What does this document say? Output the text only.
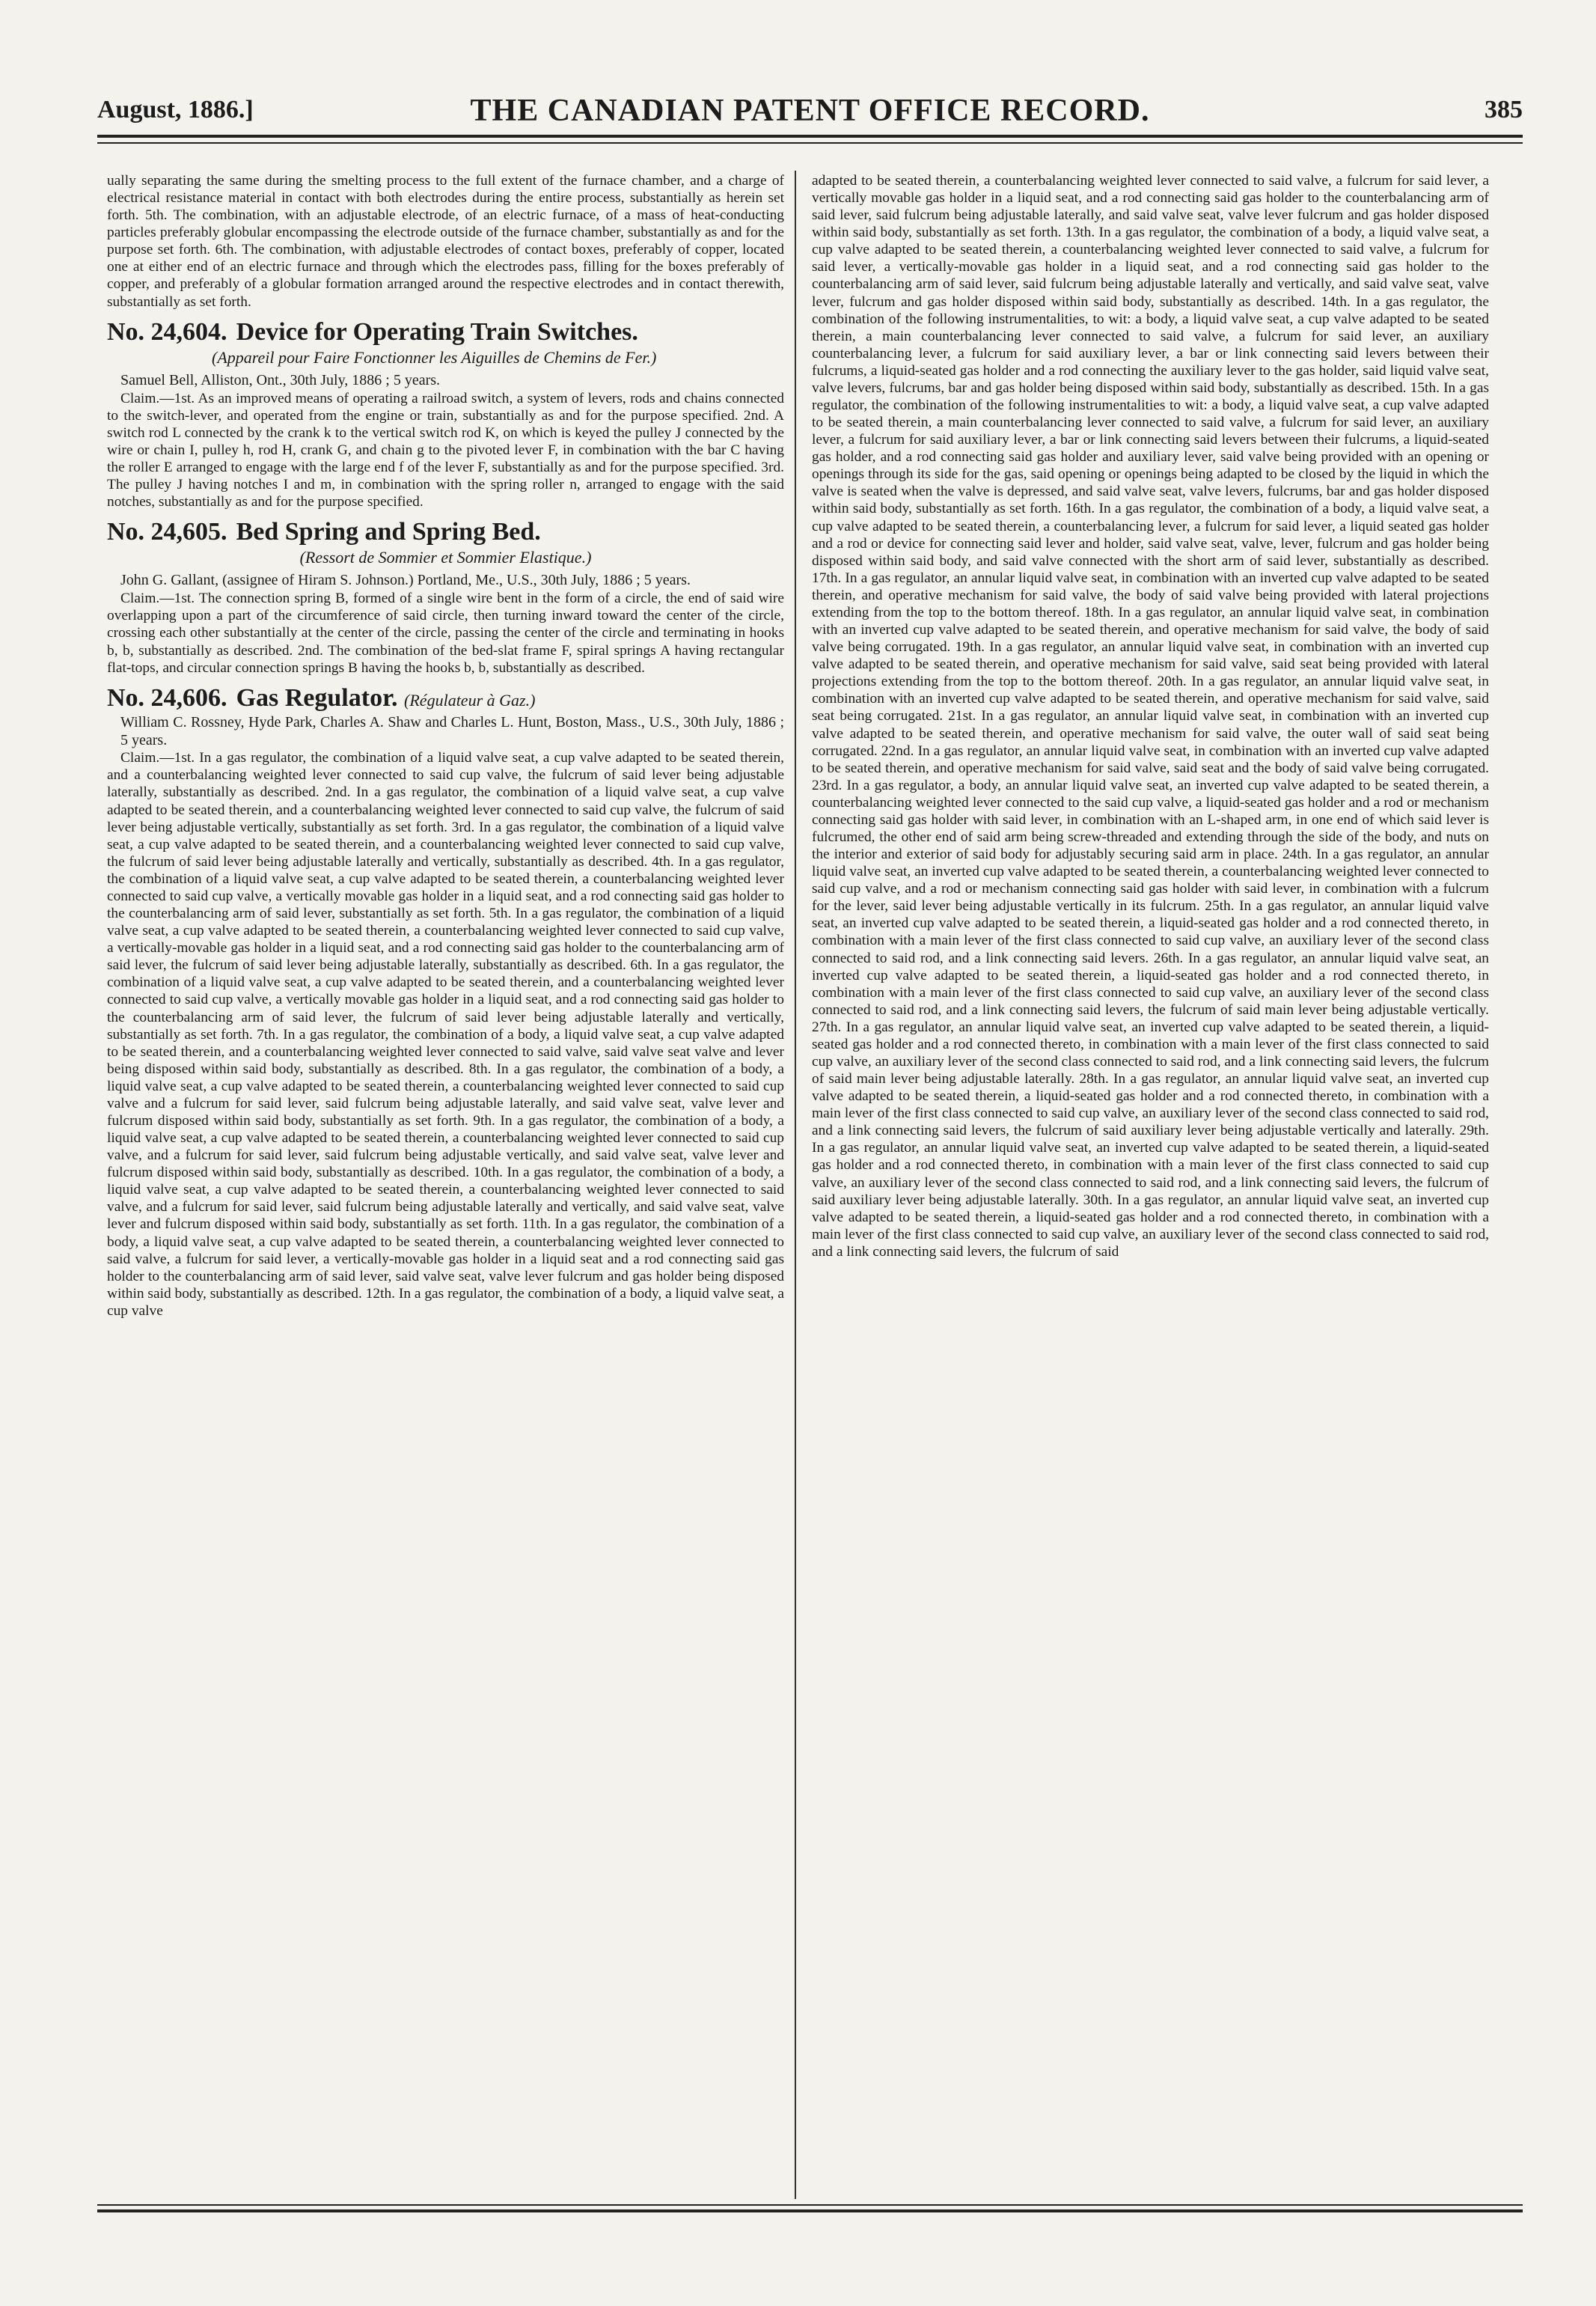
August, 1886.]	THE CANADIAN PATENT OFFICE RECORD.	385

ually separating the same during the smelting process to the full extent of the furnace chamber, and a charge of electrical resistance material in contact with both electrodes during the entire process, substantially as herein set forth. 5th. The combination, with an adjustable electrode, of an electric furnace, of a mass of heat-conducting particles preferably globular encompassing the electrode outside of the furnace chamber, substantially as and for the purpose set forth. 6th. The combination, with adjustable electrodes of contact boxes, preferably of copper, located one at either end of an electric furnace and through which the electrodes pass, filling for the boxes preferably of copper, and preferably of a globular formation arranged around the respective electrodes and in contact therewith, substantially as set forth.

No. 24,604. Device for Operating Train Switches.
(Appareil pour Faire Fonctionner les Aiguilles de Chemins de Fer.)

Samuel Bell, Alliston, Ont., 30th July, 1886 ; 5 years.

Claim.—1st. As an improved means of operating a railroad switch, a system of levers, rods and chains connected to the switch-lever, and operated from the engine or train, substantially as and for the purpose specified. 2nd. A switch rod L connected by the crank k to the vertical switch rod K, on which is keyed the pulley J connected by the wire or chain I, pulley h, rod H, crank G, and chain g to the pivoted lever F, in combination with the bar C having the roller E arranged to engage with the large end f of the lever F, substantially as and for the purpose specified. 3rd. The pulley J having notches I and m, in combination with the spring roller n, arranged to engage with the said notches, substantially as and for the purpose specified.

No. 24,605. Bed Spring and Spring Bed.
(Ressort de Sommier et Sommier Elastique.)

John G. Gallant, (assignee of Hiram S. Johnson.) Portland, Me., U.S., 30th July, 1886 ; 5 years.

Claim.—1st. The connection spring B, formed of a single wire bent in the form of a circle, the end of said wire overlapping upon a part of the circumference of said circle, then turning inward toward the center of the circle, crossing each other substantially at the center of the circle, passing the center of the circle and terminating in hooks b, b, substantially as described. 2nd. The combination of the bed-slat frame F, spiral springs A having rectangular flat-tops, and circular connection springs B having the hooks b, b, substantially as described.

No. 24,606. Gas Regulator. (Régulateur à Gaz.)

William C. Rossney, Hyde Park, Charles A. Shaw and Charles L. Hunt, Boston, Mass., U.S., 30th July, 1886 ; 5 years.

Claim.—1st. In a gas regulator, the combination of a liquid valve seat, a cup valve adapted to be seated therein, and a counterbalancing weighted lever connected to said cup valve, the fulcrum of said lever being adjustable laterally, substantially as described. 2nd. In a gas regulator, the combination of a liquid valve seat, a cup valve adapted to be seated therein, and a counterbalancing weighted lever connected to said cup valve, the fulcrum of said lever being adjustable vertically, substantially as set forth. 3rd. In a gas regulator, the combination of a liquid valve seat, a cup valve adapted to be seated therein, and a counterbalancing weighted lever connected to said cup valve, the fulcrum of said lever being adjustable laterally and vertically, substantially as described. 4th. In a gas regulator, the combination of a liquid valve seat, a cup valve adapted to be seated therein, a counterbalancing weighted lever connected to said cup valve, a vertically movable gas holder in a liquid seat, and a rod connecting said gas holder to the counterbalancing arm of said lever, substantially as set forth. 5th. In a gas regulator, the combination of a liquid valve seat, a cup valve adapted to be seated therein, a counterbalancing weighted lever connected to said cup valve, a vertically-movable gas holder in a liquid seat, and a rod connecting said gas holder to the counterbalancing arm of said lever, the fulcrum of said lever being adjustable laterally, substantially as described. 6th. In a gas regulator, the combination of a liquid valve seat, a cup valve adapted to be seated therein, and a counterbalancing weighted lever connected to said cup valve, a vertically movable gas holder in a liquid seat, and a rod connecting said gas holder to the counterbalancing arm of said lever, the fulcrum of said lever being adjustable laterally and vertically, substantially as set forth. 7th. In a gas regulator, the combination of a body, a liquid valve seat, a cup valve adapted to be seated therein, and a counterbalancing weighted lever connected to said valve, said valve seat valve and lever being disposed within said body, substantially as described. 8th. In a gas regulator, the combination of a body, a liquid valve seat, a cup valve adapted to be seated therein, a counterbalancing weighted lever connected to said cup valve and a fulcrum for said lever, said fulcrum being adjustable laterally, and said valve seat, valve lever and fulcrum disposed within said body, substantially as set forth. 9th. In a gas regulator, the combination of a body, a liquid valve seat, a cup valve adapted to be seated therein, a counterbalancing weighted lever connected to said cup valve, and a fulcrum for said lever, said fulcrum being adjustable vertically, and said valve seat, valve lever and fulcrum disposed within said body, substantially as described. 10th. In a gas regulator, the combination of a body, a liquid valve seat, a cup valve adapted to be seated therein, a counterbalancing weighted lever connected to said valve, and a fulcrum for said lever, said fulcrum being adjustable laterally and vertically, and said valve seat, valve lever and fulcrum disposed within said body, substantially as set forth. 11th. In a gas regulator, the combination of a body, a liquid valve seat, a cup valve adapted to be seated therein, a counterbalancing weighted lever connected to said valve, a fulcrum for said lever, a vertically-movable gas holder in a liquid seat and a rod connecting said gas holder to the counterbalancing arm of said lever, said valve seat, valve lever fulcrum and gas holder being disposed within said body, substantially as described. 12th. In a gas regulator, the combination of a body, a liquid valve seat, a cup valve

adapted to be seated therein, a counterbalancing weighted lever connected to said valve, a fulcrum for said lever, a vertically movable gas holder in a liquid seat, and a rod connecting said gas holder to the counterbalancing arm of said lever, said fulcrum being adjustable laterally, and said valve seat, valve lever fulcrum and gas holder disposed within said body, substantially as set forth. 13th. In a gas regulator, the combination of a body, a liquid valve seat, a cup valve adapted to be seated therein, a counterbalancing weighted lever connected to said valve, a fulcrum for said lever, a vertically-movable gas holder in a liquid seat, and a rod connecting said gas holder to the counterbalancing arm of said lever, said fulcrum being adjustable laterally and vertically, and said valve seat, valve lever, fulcrum and gas holder disposed within said body, substantially as described. 14th. In a gas regulator, the combination of the following instrumentalities, to wit: a body, a liquid valve seat, a cup valve adapted to be seated therein, a main counterbalancing lever connected to said valve, a fulcrum for said lever, an auxiliary counterbalancing lever, a fulcrum for said auxiliary lever, a bar or link connecting said levers between their fulcrums, a liquid-seated gas holder and a rod connecting the auxiliary lever to the gas holder, said liquid valve seat, valve levers, fulcrums, bar and gas holder being disposed within said body, substantially as described. 15th. In a gas regulator, the combination of the following instrumentalities to wit: a body, a liquid valve seat, a cup valve adapted to be seated therein, a main counterbalancing lever connected to said valve, a fulcrum for said lever, an auxiliary lever, a fulcrum for said auxiliary lever, a bar or link connecting said levers between their fulcrums, a liquid-seated gas holder, and a rod connecting said gas holder and auxiliary lever, said valve being provided with an opening or openings through its side for the gas, said opening or openings being adapted to be closed by the liquid in which the valve is seated when the valve is depressed, and said valve seat, valve levers, fulcrums, bar and gas holder disposed within said body, substantially as set forth. 16th. In a gas regulator, the combination of a body, a liquid valve seat, a cup valve adapted to be seated therein, a counterbalancing lever, a fulcrum for said lever, a liquid seated gas holder and a rod or device for connecting said lever and holder, said valve seat, valve, lever, fulcrum and gas holder being disposed within said body, and said valve connected with the short arm of said lever, substantially as described. 17th. In a gas regulator, an annular liquid valve seat, in combination with an inverted cup valve adapted to be seated therein, and operative mechanism for said valve, the body of said valve being provided with lateral projections extending from the top to the bottom thereof. 18th. In a gas regulator, an annular liquid valve seat, in combination with an inverted cup valve adapted to be seated therein, and operative mechanism for said valve, the body of said valve being corrugated. 19th. In a gas regulator, an annular liquid valve seat, in combination with an inverted cup valve adapted to be seated therein, and operative mechanism for said valve, said seat being provided with lateral projections extending from the top to the bottom thereof. 20th. In a gas regulator, an annular liquid valve seat, in combination with an inverted cup valve adapted to be seated therein, and operative mechanism for said valve, said seat being corrugated. 21st. In a gas regulator, an annular liquid valve seat, in combination with an inverted cup valve adapted to be seated therein, and operative mechanism for said valve, the outer wall of said seat being corrugated. 22nd. In a gas regulator, an annular liquid valve seat, in combination with an inverted cup valve adapted to be seated therein, and operative mechanism for said valve, said seat and the body of said valve being corrugated. 23rd. In a gas regulator, a body, an annular liquid valve seat, an inverted cup valve adapted to be seated therein, a counterbalancing weighted lever connected to the said cup valve, a liquid-seated gas holder and a rod or mechanism connecting said gas holder with said lever, in combination with an L-shaped arm, in one end of which said lever is fulcrumed, the other end of said arm being screw-threaded and extending through the side of the body, and nuts on the interior and exterior of said body for adjustably securing said arm in place. 24th. In a gas regulator, an annular liquid valve seat, an inverted cup valve adapted to be seated therein, a counterbalancing weighted lever connected to said cup valve, and a rod or mechanism connecting said gas holder with said lever, in combination with a fulcrum for the lever, said lever being adjustable vertically in its fulcrum. 25th. In a gas regulator, an annular liquid valve seat, an inverted cup valve adapted to be seated therein, a liquid-seated gas holder and a rod connected thereto, in combination with a main lever of the first class connected to said cup valve, an auxiliary lever of the second class connected to said rod, and a link connecting said levers. 26th. In a gas regulator, an annular liquid valve seat, an inverted cup valve adapted to be seated therein, a liquid-seated gas holder and a rod connected thereto, in combination with a main lever of the first class connected to said cup valve, an auxiliary lever of the second class connected to said rod, and a link connecting said levers, the fulcrum of said main lever being adjustable vertically. 27th. In a gas regulator, an annular liquid valve seat, an inverted cup valve adapted to be seated therein, a liquid-seated gas holder and a rod connected thereto, in combination with a main lever of the first class connected to said cup valve, an auxiliary lever of the second class connected to said rod, and a link connecting said levers, the fulcrum of said main lever being adjustable laterally. 28th. In a gas regulator, an annular liquid valve seat, an inverted cup valve adapted to be seated therein, a liquid-seated gas holder and a rod connected thereto, in combination with a main lever of the first class connected to said cup valve, an auxiliary lever of the second class connected to said rod, and a link connecting said levers, the fulcrum of said auxiliary lever being adjustable vertically and laterally. 29th. In a gas regulator, an annular liquid valve seat, an inverted cup valve adapted to be seated therein, a liquid-seated gas holder and a rod connected thereto, in combination with a main lever of the first class connected to said cup valve, an auxiliary lever of the second class connected to said rod, and a link connecting said levers, the fulcrum of said auxiliary lever being adjustable laterally. 30th. In a gas regulator, an annular liquid valve seat, an inverted cup valve adapted to be seated therein, a liquid-seated gas holder and a rod connected thereto, in combination with a main lever of the first class connected to said cup valve, an auxiliary lever of the second class connected to said rod, and a link connecting said levers, the fulcrum of said
